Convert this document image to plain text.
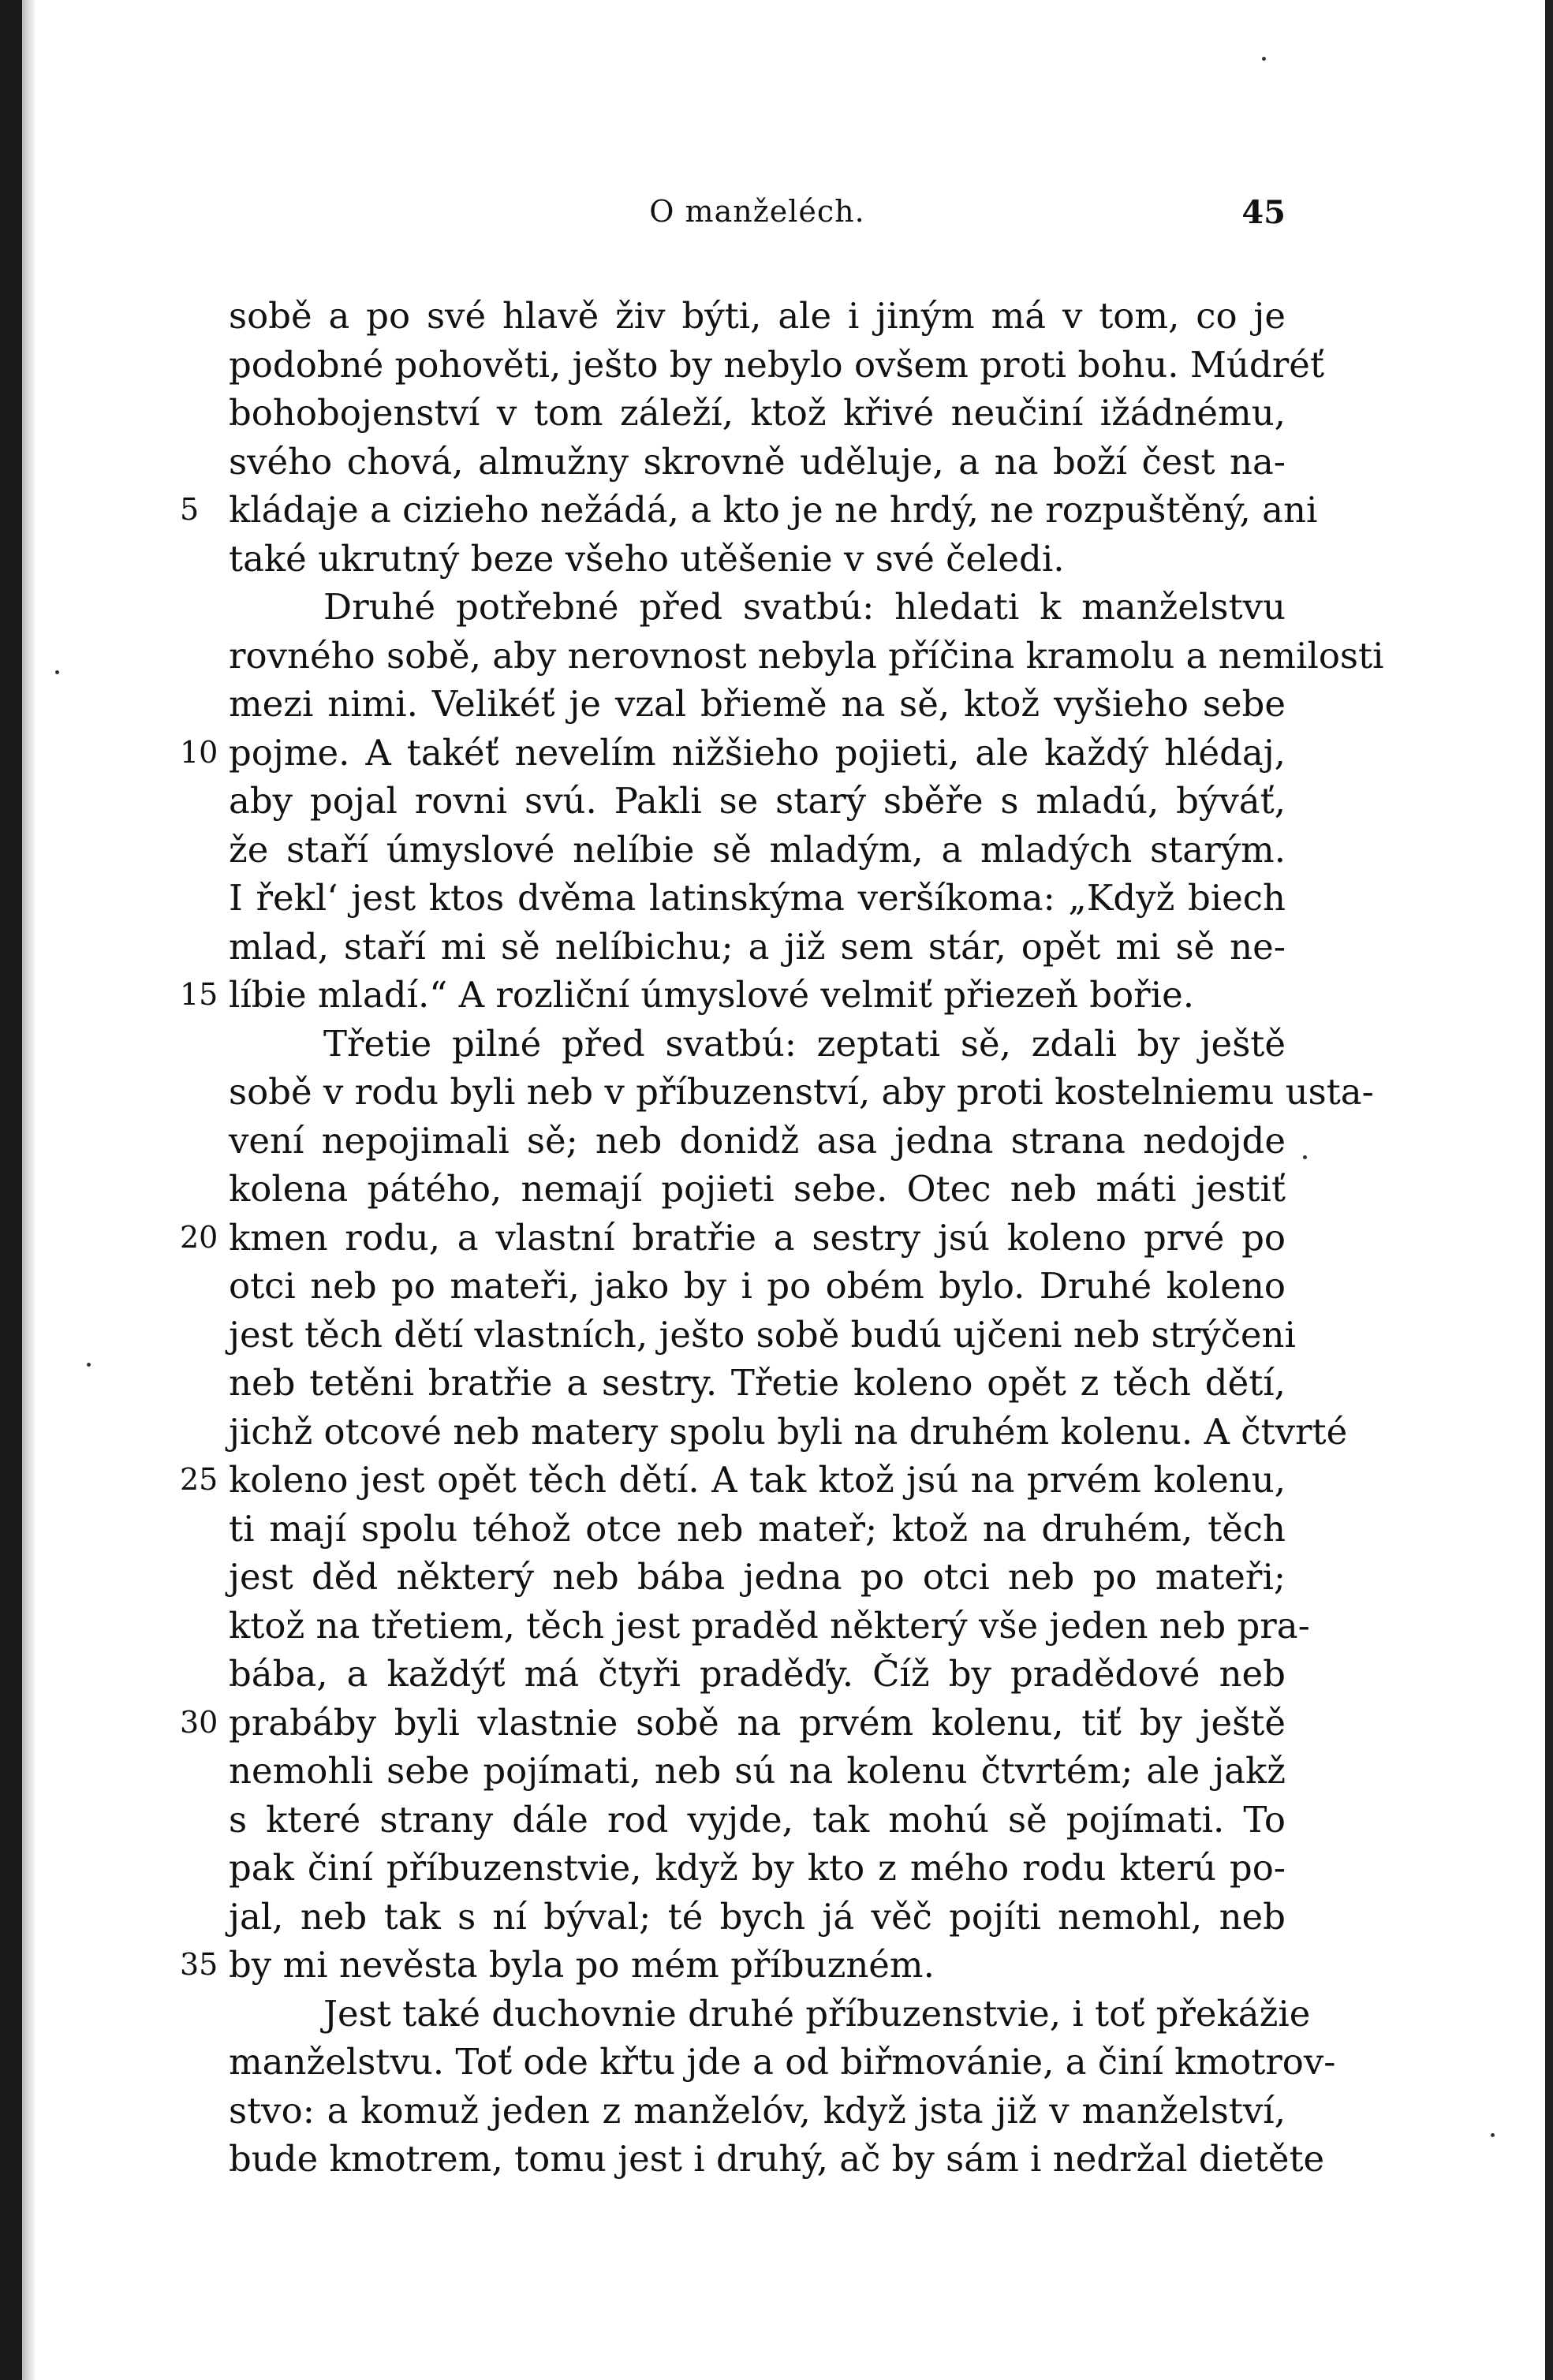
O manželéch.	45
sobě a po své hlavě živ býti, ale i jiným má v tom, co je
podobné pohověti, ješto by nebylo ovšem proti bohu. Múdréť
bohobojenství v tom záleží, ktož křivé neučiní ižádnému,
svého chová, almužny skrovně uděluje, a na boží čest na-
5 kládaje a cizieho nežádá, a kto je ne hrdý, ne rozpuštěný, ani
také ukrutný beze všeho utěšenie v své čeledi.
Druhé potřebné před svatbú: hledati k manželstvu
rovného sobě, aby nerovnost nebyla příčina kramolu a nemilosti
mezi nimi. Velikéť je vzal břiemě na sě, ktož vyšieho sebe
10 pojme. A takéť nevelím nižšieho pojieti, ale každý hlédaj,
aby pojal rovni svú. Pakli se starý sběře s mladú, býváť,
že staří úmyslové nelíbie sě mladým, a mladých starým.
I řekl‘ jest ktos dvěma latinskýma veršíkoma: „Když biech
mlad, staří mi sě nelíbichu; a již sem stár, opět mi sě ne-
15 líbie mladí.“ A rozliční úmyslové velmiť přiezeň bořie.
Třetie pilné před svatbú: zeptati sě, zdali by ještě
sobě v rodu byli neb v příbuzenství, aby proti kostelniemu usta-
vení nepojimali sě; neb donidž asa jedna strana nedojde
kolena pátého, nemají pojieti sebe. Otec neb máti jestiť
20 kmen rodu, a vlastní bratřie a sestry jsú koleno prvé po
otci neb po mateři, jako by i po obém bylo. Druhé koleno
jest těch dětí vlastních, ješto sobě budú ujčeni neb strýčeni
neb tetěni bratřie a sestry. Třetie koleno opět z těch dětí,
jichž otcové neb matery spolu byli na druhém kolenu. A čtvrté
25 koleno jest opět těch dětí. A tak ktož jsú na prvém kolenu,
ti mají spolu téhož otce neb mateř; ktož na druhém, těch
jest děd některý neb bába jedna po otci neb po mateři;
ktož na třetiem, těch jest praděd některý vše jeden neb pra-
bába, a každýť má čtyři praděďy. Číž by pradědové neb
30 prabáby byli vlastnie sobě na prvém kolenu, tiť by ještě
nemohli sebe pojímati, neb sú na kolenu čtvrtém; ale jakž
s které strany dále rod vyjde, tak mohú sě pojímati. To
pak činí příbuzenstvie, když by kto z mého rodu kterú po-
jal, neb tak s ní býval; té bych já věč pojíti nemohl, neb
35 by mi nevěsta byla po mém příbuzném.
Jest také duchovnie druhé příbuzenstvie, i toť překážie
manželstvu. Toť ode křtu jde a od biřmovánie, a činí kmotrov-
stvo: a komuž jeden z manželóv, když jsta již v manželství,
bude kmotrem, tomu jest i druhý, ač by sám i nedržal dietěte
